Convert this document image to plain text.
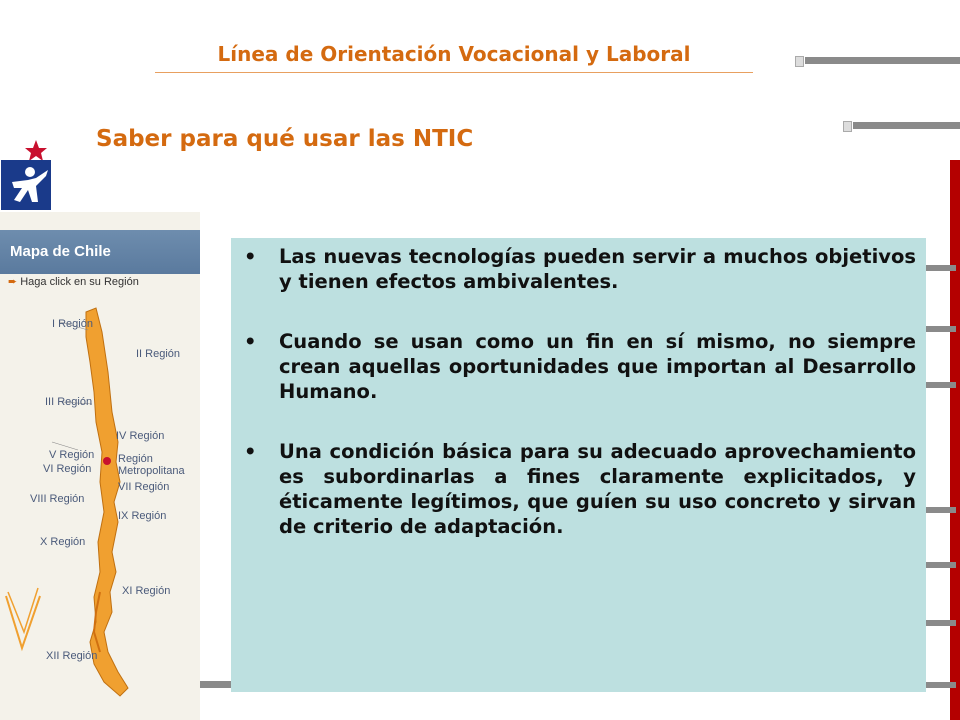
Línea de Orientación Vocacional y Laboral
Saber para qué usar las NTIC
Mapa de Chile
➨ Haga click en su Región
I Región
II Región
III Región
IV Región
V Región Región
Metropolitana
VI Región
VII Región
VIII Región
IX Región
X Región
XI Región
XII Región
• Las nuevas tecnologías pueden servir a muchos objetivos y tienen efectos ambivalentes.
• Cuando se usan como un fin en sí mismo, no siempre crean aquellas oportunidades que importan al Desarrollo Humano.
• Una condición básica para su adecuado aprovechamiento es subordinarlas a fines claramente explicitados, y éticamente legítimos, que guíen su uso concreto y sirvan de criterio de adaptación.
